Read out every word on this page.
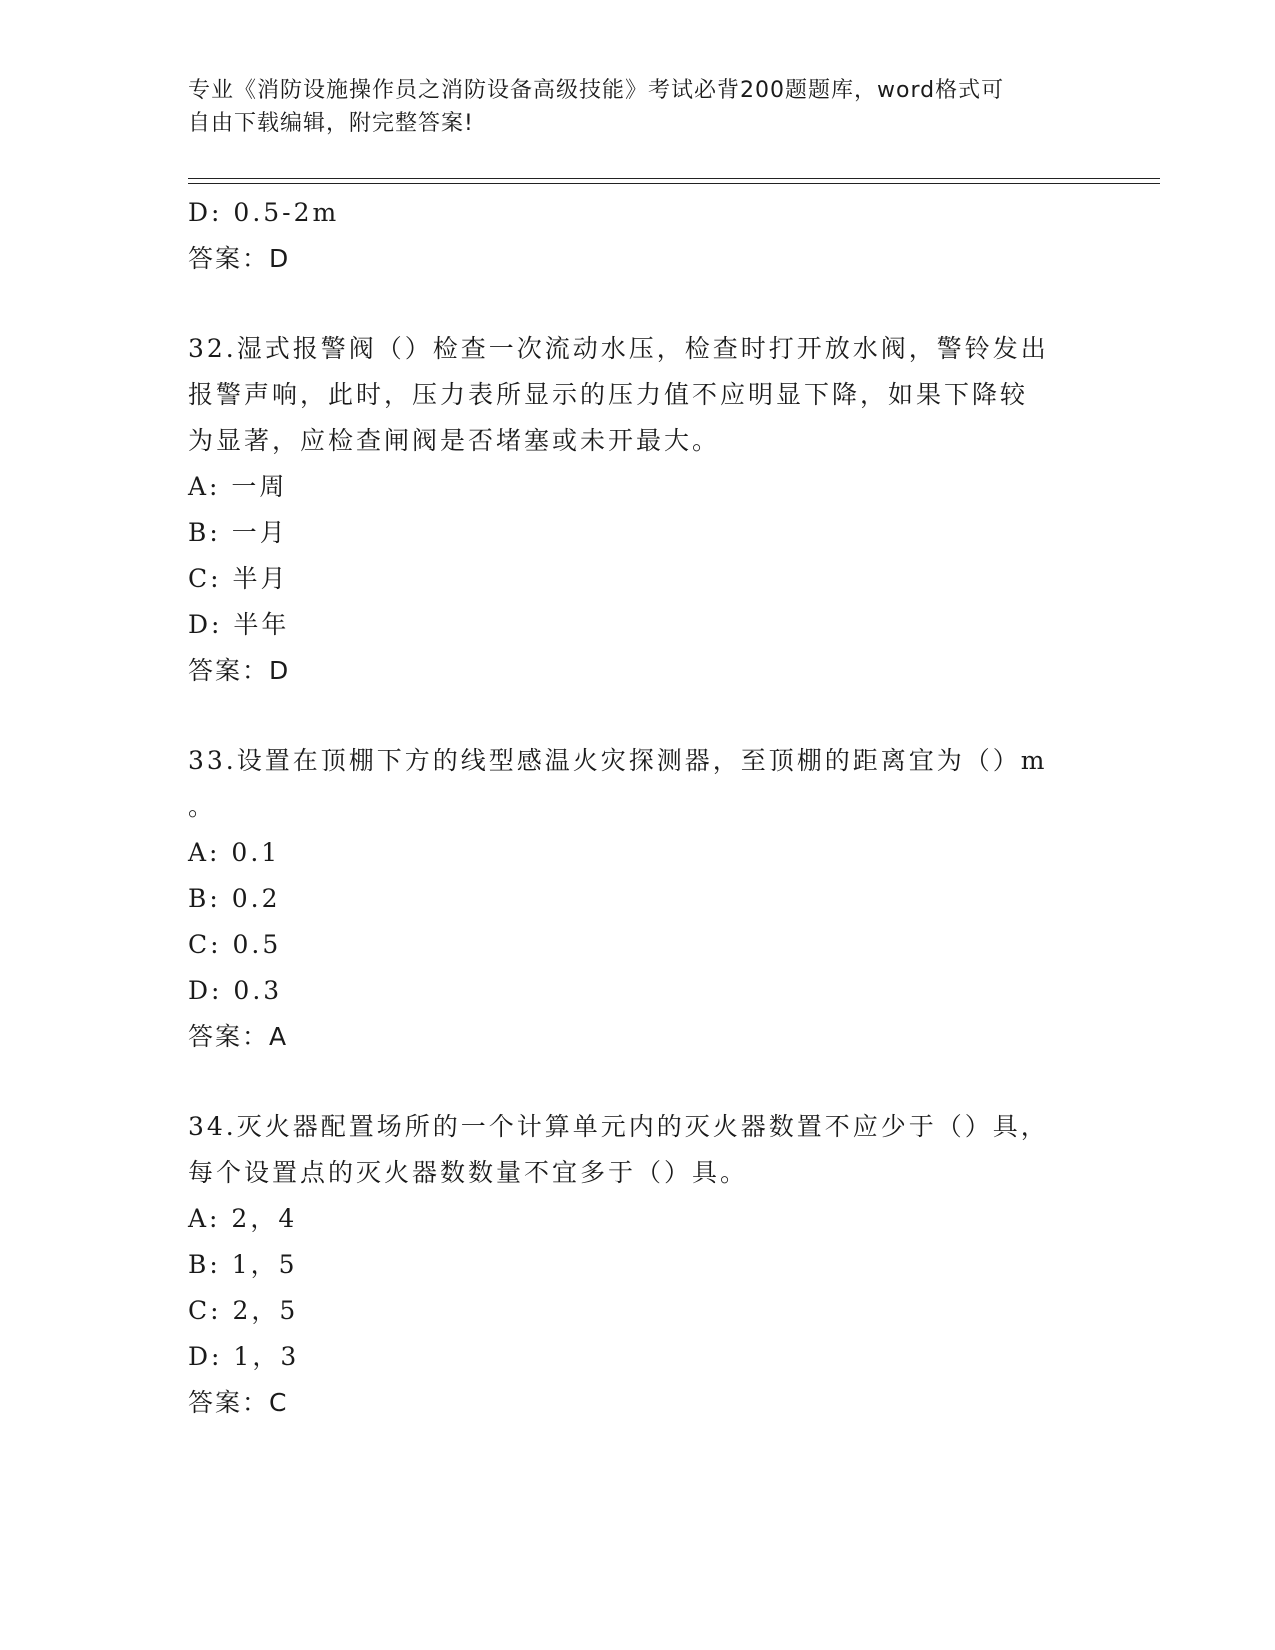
专业《消防设施操作员之消防设备高级技能》考试必背200题题库，word格式可
自由下载编辑，附完整答案!
D: 0.5-2m
答案：D
32.湿式报警阀（）检查一次流动水压，检查时打开放水阀，警铃发出
报警声响，此时，压力表所显示的压力值不应明显下降，如果下降较
为显著，应检查闸阀是否堵塞或未开最大。
A: 一周
B: 一月
C: 半月
D: 半年
答案：D
33.设置在顶棚下方的线型感温火灾探测器，至顶棚的距离宜为（）m
。
A: 0.1
B: 0.2
C: 0.5
D: 0.3
答案：A
34.灭火器配置场所的一个计算单元内的灭火器数置不应少于（）具，
每个设置点的灭火器数数量不宜多于（）具。
A: 2，4
B: 1，5
C: 2，5
D: 1，3
答案：C
